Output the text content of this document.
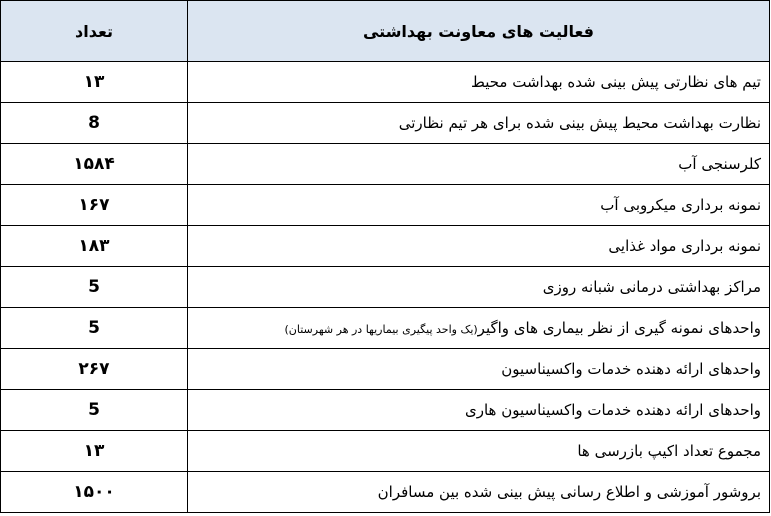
فعالیت های معاونت بهداشتی	تعداد
تیم های نظارتی پیش بینی شده بهداشت محیط	۱۳
نظارت بهداشت محیط پیش بینی شده برای هر تیم نظارتی	8
کلرسنجی آب	۱۵۸۴
نمونه برداری میکروبی آب	۱۶۷
نمونه برداری مواد غذایی	۱۸۳
مراکز بهداشتی درمانی شبانه روزی	5
واحدهای نمونه گیری از نظر بیماری های واگیر(یک واحد پیگیری بیماریها در هر شهرستان)	5
واحدهای ارائه دهنده خدمات واکسیناسیون	۲۶۷
واحدهای ارائه دهنده خدمات واکسیناسیون هاری	5
مجموع تعداد اکیپ بازرسی ها	۱۳
بروشور آموزشی و اطلاع رسانی پیش بینی شده بین مسافران	۱۵۰۰
